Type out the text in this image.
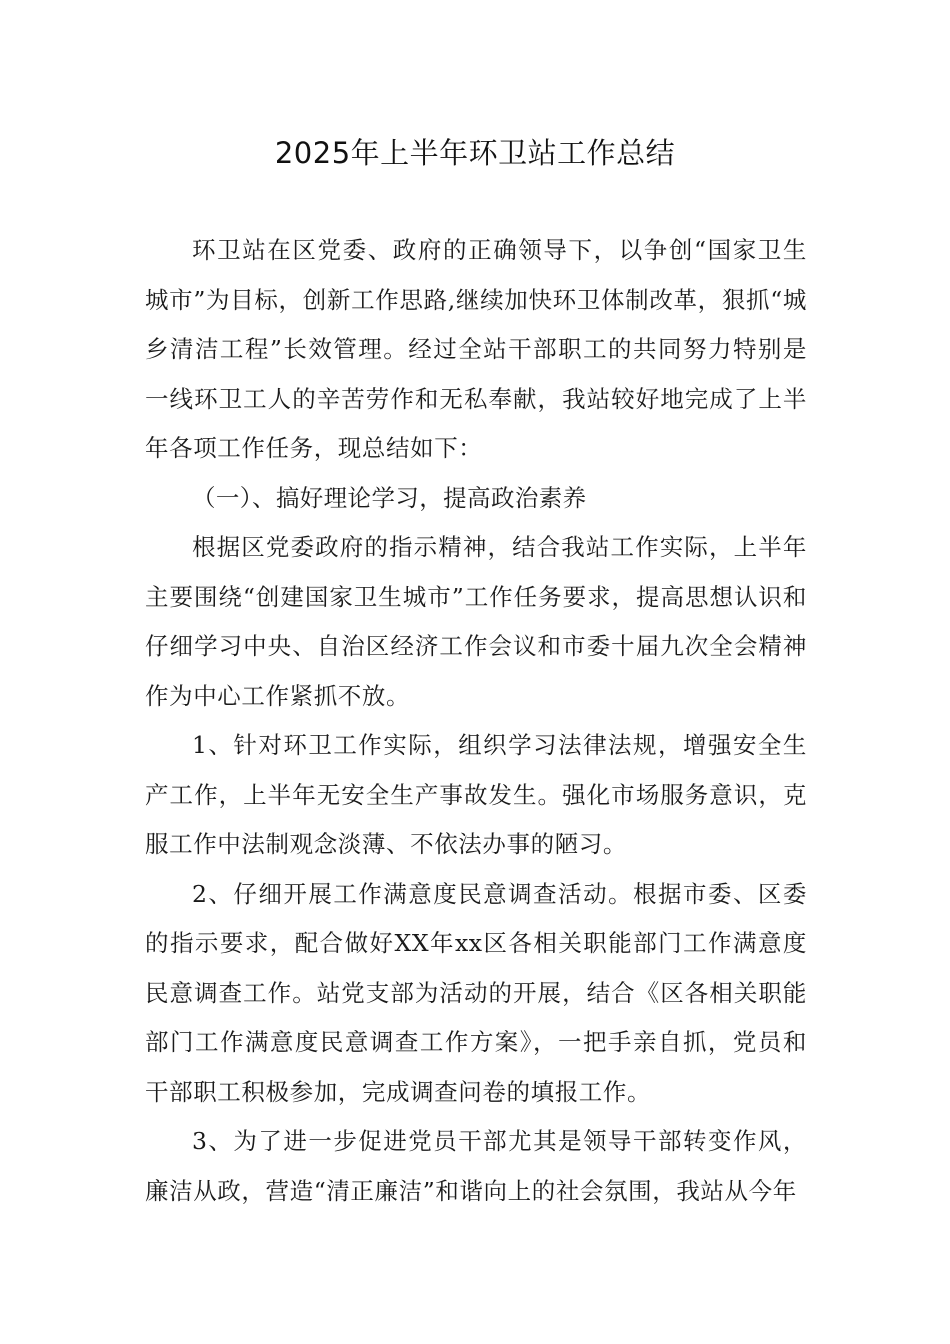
2025年上半年环卫站工作总结

环卫站在区党委、政府的正确领导下，以争创“国家卫生城市”为目标，创新工作思路,继续加快环卫体制改革，狠抓“城乡清洁工程”长效管理。经过全站干部职工的共同努力特别是一线环卫工人的辛苦劳作和无私奉献，我站较好地完成了上半年各项工作任务，现总结如下：

（一）、搞好理论学习，提高政治素养

根据区党委政府的指示精神，结合我站工作实际，上半年主要围绕“创建国家卫生城市”工作任务要求，提高思想认识和仔细学习中央、自治区经济工作会议和市委十届九次全会精神作为中心工作紧抓不放。

1、针对环卫工作实际，组织学习法律法规，增强安全生产工作，上半年无安全生产事故发生。强化市场服务意识，克服工作中法制观念淡薄、不依法办事的陋习。

2、仔细开展工作满意度民意调查活动。根据市委、区委的指示要求，配合做好XX年xx区各相关职能部门工作满意度民意调查工作。站党支部为活动的开展，结合《区各相关职能部门工作满意度民意调查工作方案》，一把手亲自抓，党员和干部职工积极参加，完成调查问卷的填报工作。

3、为了进一步促进党员干部尤其是领导干部转变作风，廉洁从政，营造“清正廉洁”和谐向上的社会氛围，我站从今年
